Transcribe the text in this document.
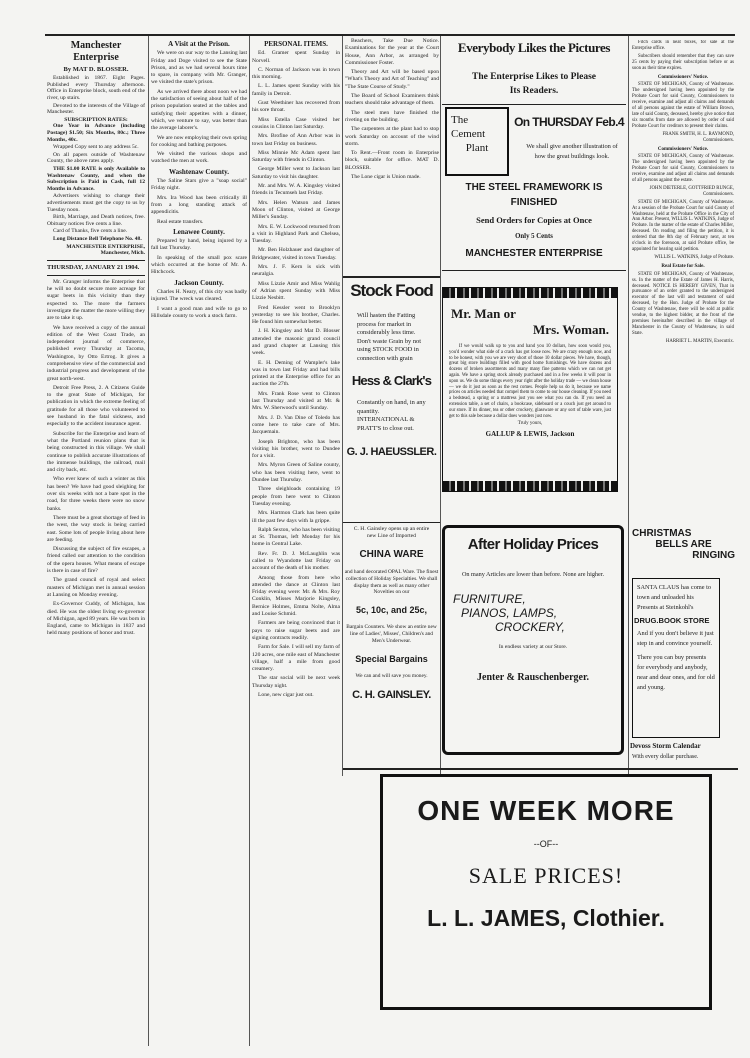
Manchester Enterprise
By MAT D. BLOSSER.

Established in 1867. Eight Pages. Published every Thursday afternoon. Office in Enterprise block, south end of the river, up stairs.

Devoted to the interests of the Village of Manchester.

SUBSCRIPTION RATES:

One Year in Advance (including Postage) $1.50; Six Months, 80c.; Three Months, 40c.

Wrapped Copy sent to any address 5c.

On all papers outside of Washtenaw County, the above rates apply.

THE $1.00 RATE is only Available to Washtenaw County, and when the Subscription is Paid in Cash, full 12 Months in Advance.

Advertisers wishing to change their advertisements must get the copy to us by Tuesday noon.

Birth, Marriage, and Death notices, free. Obituary notices five cents a line.

Card of Thanks, five cents a line.

Long Distance Bell Telephone No. 48.

MANCHESTER ENTERPRISE, Manchester, Mich.

THURSDAY, JANUARY 21 1904.

Mr. Granger informs the Enterprise that he will no doubt secure more acreage for sugar beets in this vicinity than they expected to. The more the farmers investigate the matter the more willing they are to take it up.

We have received a copy of the annual edition of the West Coast Trade, an independent journal of commerce, published every Thursday at Tacoma, Washington, by Otto Ertrog. It gives a comprehensive view of the commercial and industrial progress and development of the great north-west.

Detroit Free Press, 2. A Citizens Guide to the great State of Michigan, for publication in which the extreme feeling of gratitude for all those who volunteered to see husband in the fatal sickness, and especially to the accident insurance agent.

Subscribe for the Enterprise and learn of what the Portland reunion plans that is being constructed in this village. We shall continue to publish accurate illustrations of the immense buildings, the railroad, mail and city back, etc.

Who ever knew of such a winter as this has been? We have had good sleighing for over six weeks with not a bare spot in the road, for three weeks there were no snow banks.

There must be a great shortage of feed in the west, the way stock is being carried east. Some lots of people living about here are feeding.

Discussing the subject of fire escapes, a friend called our attention to the condition of the opera houses. What means of escape is there in case of fire?

The grand council of royal and select masters of Michigan met in annual session at Lansing on Monday evening.

Ex-Governor Cuddy, of Michigan, has died. He was the oldest living ex-governor of Michigan, aged 89 years. He was born in England, came to Michigan in 1837 and held many positions of honor and trust.

A Visit at the Prison.

We were on our way to the Lansing last Friday and Doge visited to see the State Prison, and as we had several hours time to spare, in company with Mr. Granger, we visited the state's prison.

As we arrived there about noon we had the satisfaction of seeing about half of the prison population seated at the tables and satisfying their appetites with a dinner, which, we venture to say, was better than the average laborer's.

We are now employing their own spring for cooking and bathing purposes.

We visited the various shops and watched the men at work.

Washtenaw County.

The Saline Stars give a "soap social" Friday night.

Mrs. Ira Wood has been critically ill from a long standing attack of appendicitis.

Real estate transfers.

Lenawee County.

Prepared by hand, being injured by a fall last Thursday.

In speaking of the small pox scare which occurred at the home of Mr. A. Hitchcock.

Jackson County.

Charles H. Neary, of this city was badly injured. The wreck was cleared.

I want a good man and wife to go to Hillsdale county to work a stock farm.

PERSONAL ITEMS.

Ed. Gramer spent Sunday in Norvell.

C. Norman of Jackson was in town this morning.

L. L. James spent Sunday with his family in Detroit.

Gust Weethiner has recovered from his sore throat.

Miss Estella Case visited her cousins in Clinton last Saturday.

Mrs. Brofine of Ann Arbor was in town last Friday on business.

Miss Minnie Mc Adam spent last Saturday with friends in Clinton.

George Miller went to Jackson last Saturday to visit his daughter.

Mr. and Mrs. W. A. Kingsley visited friends in Tecumseh last Friday.

Mrs. Helen Watson and James Moon of Clinton, visited at George Miller's Sunday.

Mrs. E. W. Lockwood returned from a visit in Highland Park and Chelsea, Tuesday.

Mr. Ben Holzhauer and daughter of Bridgewater, visited in town Tuesday.

Mrs. J. F. Kern is sick with neuralgia.

Miss Lizzie Amir and Miss Wahlig of Adrian spent Sunday with Miss Lizzie Nesbitt.

Fred Kessler went to Brooklyn yesterday to see his brother, Charles. He found him somewhat better.

J. H. Kingsley and Mat D. Blosser attended the masonic grand council and grand chapter at Lansing this week.

E. H. Deming of Wampler's lake was in town last Friday and had bills printed at the Enterprise office for an auction the 27th.

Mrs. Frank Rose went to Clinton last Thursday and visited at Mr. & Mrs. W. Sherwood's until Sunday.

Mrs. J. D. Van Dine of Toledo has come here to take care of Mrs. Jacquemain.

Joseph Brighton, who has been visiting his brother, went to Dundee for a visit.

Mrs. Myron Green of Saline county, who has been visiting here, went to Dundee last Thursday.

Three sleighloads containing 19 people from here went to Clinton Tuesday evening.

Mrs. Hartmon Clark has been quite ill the past few days with la grippe.

Ralph Sexton, who has been visiting at St. Thomas, left Monday for his home in Central Lake.

Rev. Fr. D. J. McLaughlin was called to Wyandotte last Friday on account of the death of his mother.

Among those from here who attended the dance at Clinton last Friday evening were: Mr. & Mrs. Roy Conklin, Misses Marjorie Kingsley, Bernice Holmes, Emma Nolte, Alma and Louise Schmid.

Farmers are being convinced that it pays to raise sugar beets and are signing contracts readily.

Farm for Sale. I will sell my farm of 120 acres, one mile east of Manchester village, half a mile from good creamery.

The star social will be next week Thursday night.

Lone, new cigar just out.

Beachers, Take Due Notice. Examinations for the year at the Court House, Ann Arbor, as arranged by Commissioner Foster.

Theory and Art will be based upon "What's Theory and Art of Teaching" and "The State Course of Study."

The Board of School Examiners think teachers should take advantage of them.

The steel men have finished the riveting on the building.

The carpenters at the plant had to stop work Saturday on account of the wind storm.

To Rent.—Front room in Enterprise block, suitable for office. MAT D. BLOSSER.

The Lone cigar is Union made.

Stock Food
Will hasten the Fatting process for market in considerably less time. Don't waste Grain by not using STOCK FOOD in connection with grain
Hess & Clark's
Constantly on hand, in any quantity. INTERNATIONAL & PRATT'S to close out.
G. J. HAEUSSLER.
C. H. Gainsley opens up an entire new Line of Imported
CHINA WARE
and hand decorated OPAL Ware. The finest collection of Holiday Specialties. We shall display them as well as many other Novelties on our
5c, 10c, and 25c,
Bargain Counters. We show an entire new line of Ladies', Misses', Children's and Men's Underwear.
Special Bargains
We can and will save you money.
C. H. GAINSLEY.
Everybody Likes the Pictures
The Enterprise Likes to Please
Its Readers.
The
Cement
Plant
On THURSDAY Feb.4
We shall give another illustration of how the great buildings look.
THE STEEL FRAMEWORK IS
FINISHED
Send Orders for Copies at Once
Only 5 Cents
MANCHESTER ENTERPRISE
Mr. Man or
Mrs. Woman.
If we would walk up to you and hand you 10 dollars, how soon would you, you'd wonder what side of a crack has got loose now. We are crazy enough now, and to be honest, with you we are very short of those 10 dollar pieces. We have, though, great big store buildings filled with good home furnishings. We have dozens and dozens of broken assortments and many many fine patterns which we can not get again. We have a spring stock already purchased and in a few weeks it will pour in upon us. We do some things every year right after the holiday trade — we clean house — we do it just as soon as the rest comes. People help us do it, because we name prices on articles needed that compel them to come to our house cleaning. If you need a bedstead, a spring or a mattress just you see what you can do. If you need an extension table, a set of chairs, a bookcase, sideboard or a couch just get around to our store. If its dinner, tea or other crockery, glassware or any sort of table ware, just get to this sale because a dollar does wonders just now.
Truly yours,
GALLUP & LEWIS, Jackson
After Holiday Prices
On many Articles are lower than before. None are higher.
FURNITURE,
PIANOS, LAMPS,
CROCKERY,
In endless variety at our Store.
Jenter & Rauschenberger.

Fitch cards in neat boxes, for sale at the Enterprise office.

Subscribers should remember that they can save 25 cents by paying their subscription before or as soon as their time expires.

Commissioners' Notice.

STATE OF MICHIGAN, County of Washtenaw. The undersigned having been appointed by the Probate Court for said County, Commissioners to receive, examine and adjust all claims and demands of all persons against the estate of William Brown, late of said County, deceased, hereby give notice that six months from date are allowed by order of said Probate Court for creditors to present their claims.

FRANK SMITH, H. L. RAYMOND, Commissioners.

Commissioners' Notice.

STATE OF MICHIGAN, County of Washtenaw. The undersigned having been appointed by the Probate Court for said County, Commissioners to receive, examine and adjust all claims and demands of all persons against the estate.

JOHN DIETERLE, GOTTFRIED RUNGE, Commissioners.

STATE OF MICHIGAN, County of Washtenaw. At a session of the Probate Court for said County of Washtenaw, held at the Probate Office in the City of Ann Arbor. Present, WILLIS L. WATKINS, Judge of Probate. In the matter of the estate of Charles Miller, deceased. On reading and filing the petition, it is ordered that the 8th day of February next, at ten o'clock in the forenoon, at said Probate office, be appointed for hearing said petition.

WILLIS L. WATKINS, Judge of Probate.

Real Estate for Sale.

STATE OF MICHIGAN, County of Washtenaw, ss. In the matter of the Estate of James H. Harris, deceased. NOTICE IS HEREBY GIVEN, That in pursuance of an order granted to the undersigned executor of the last will and testament of said deceased, by the Hon. Judge of Probate for the County of Washtenaw, there will be sold at public vendue, to the highest bidder, at the front of the premises hereinafter described in the village of Manchester in the County of Washtenaw, in said State.

HARRIET L. MARTIN, Executrix.

CHRISTMAS
BELLS ARE
RINGING
SANTA CLAUS has come to town and unloaded his Presents at Steinkohl's
DRUG.BOOK STORE
And if you don't believe it just step in and convince yourself.
There you can buy presents for everybody and anybody, near and dear ones, and for old and young.
Devoss Storm Calendar
With every dollar purchase.
ONE WEEK MORE
--OF--
SALE PRICES!
L. L. JAMES, Clothier.
